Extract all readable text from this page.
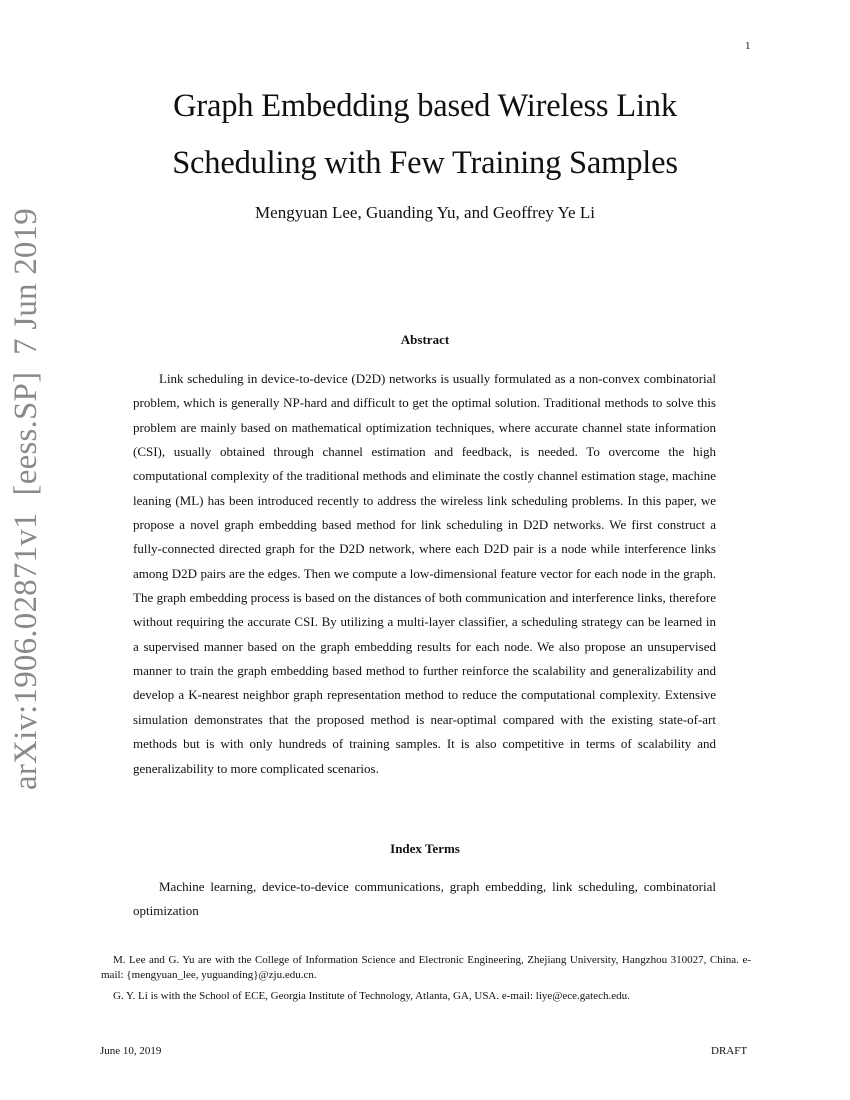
1
arXiv:1906.02871v1  [eess.SP]  7 Jun 2019
Graph Embedding based Wireless Link
Scheduling with Few Training Samples
Mengyuan Lee, Guanding Yu, and Geoffrey Ye Li
Abstract

Link scheduling in device-to-device (D2D) networks is usually formulated as a non-convex combinatorial problem, which is generally NP-hard and difficult to get the optimal solution. Traditional methods to solve this problem are mainly based on mathematical optimization techniques, where accurate channel state information (CSI), usually obtained through channel estimation and feedback, is needed. To overcome the high computational complexity of the traditional methods and eliminate the costly channel estimation stage, machine leaning (ML) has been introduced recently to address the wireless link scheduling problems. In this paper, we propose a novel graph embedding based method for link scheduling in D2D networks. We first construct a fully-connected directed graph for the D2D network, where each D2D pair is a node while interference links among D2D pairs are the edges. Then we compute a low-dimensional feature vector for each node in the graph. The graph embedding process is based on the distances of both communication and interference links, therefore without requiring the accurate CSI. By utilizing a multi-layer classifier, a scheduling strategy can be learned in a supervised manner based on the graph embedding results for each node. We also propose an unsupervised manner to train the graph embedding based method to further reinforce the scalability and generalizability and develop a K-nearest neighbor graph representation method to reduce the computational complexity. Extensive simulation demonstrates that the proposed method is near-optimal compared with the existing state-of-art methods but is with only hundreds of training samples. It is also competitive in terms of scalability and generalizability to more complicated scenarios.

Index Terms

Machine learning, device-to-device communications, graph embedding, link scheduling, combinatorial optimization

M. Lee and G. Yu are with the College of Information Science and Electronic Engineering, Zhejiang University, Hangzhou 310027, China. e-mail: {mengyuan_lee, yuguanding}@zju.edu.cn.

G. Y. Li is with the School of ECE, Georgia Institute of Technology, Atlanta, GA, USA. e-mail: liye@ece.gatech.edu.

June 10, 2019	DRAFT
